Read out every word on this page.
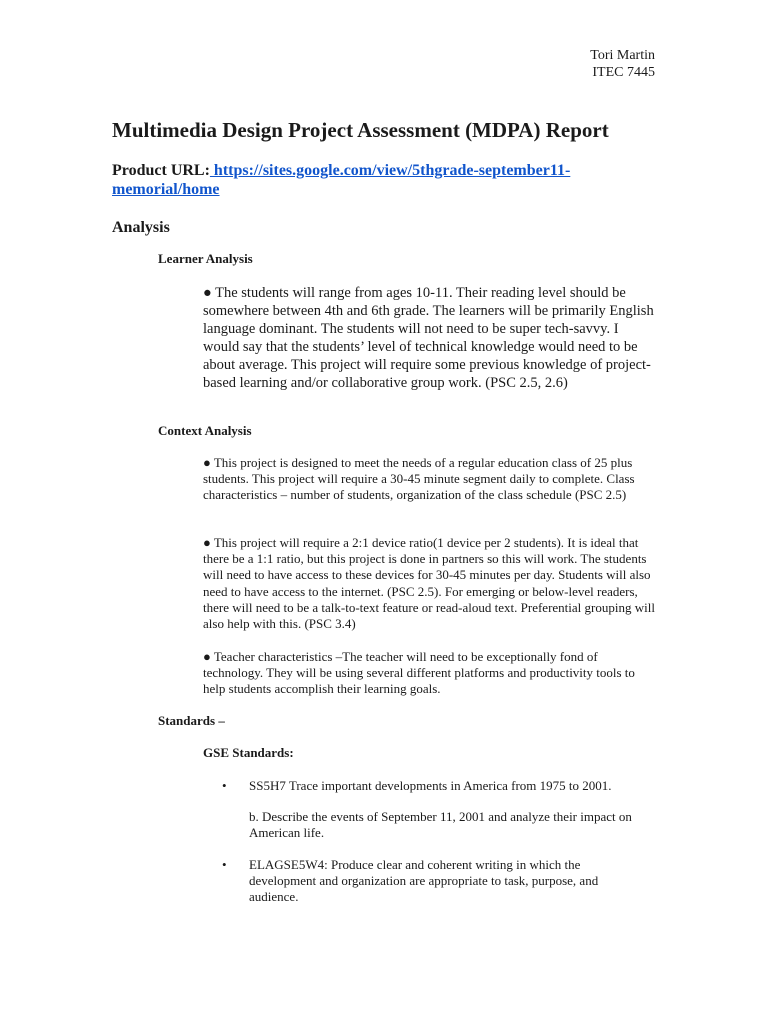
Tori Martin
ITEC 7445
Multimedia Design Project Assessment (MDPA) Report
Product URL: https://sites.google.com/view/5thgrade-september11-
memorial/home
Analysis
Learner Analysis

● The students will range from ages 10-11. Their reading level should be somewhere between 4th and 6th grade. The learners will be primarily English language dominant. The students will not need to be super tech-savvy. I would say that the students’ level of technical knowledge would need to be about average. This project will require some previous knowledge of project-based learning and/or collaborative group work. (PSC 2.5, 2.6)

Context Analysis

● This project is designed to meet the needs of a regular education class of 25 plus students. This project will require a 30-45 minute segment daily to complete. Class characteristics – number of students, organization of the class schedule (PSC 2.5)

● This project will require a 2:1 device ratio(1 device per 2 students). It is ideal that there be a 1:1 ratio, but this project is done in partners so this will work. The students will need to have access to these devices for 30-45 minutes per day. Students will also need to have access to the internet. (PSC 2.5). For emerging or below-level readers, there will need to be a talk-to-text feature or read-aloud text. Preferential grouping will also help with this. (PSC 3.4)

● Teacher characteristics –The teacher will need to be exceptionally fond of technology. They will be using several different platforms and productivity tools to help students accomplish their learning goals.

Standards –
GSE Standards:
•	SS5H7 Trace important developments in America from 1975 to 2001.

b. Describe the events of September 11, 2001 and analyze their impact on American life.

•	ELAGSE5W4: Produce clear and coherent writing in which the development and organization are appropriate to task, purpose, and audience.
